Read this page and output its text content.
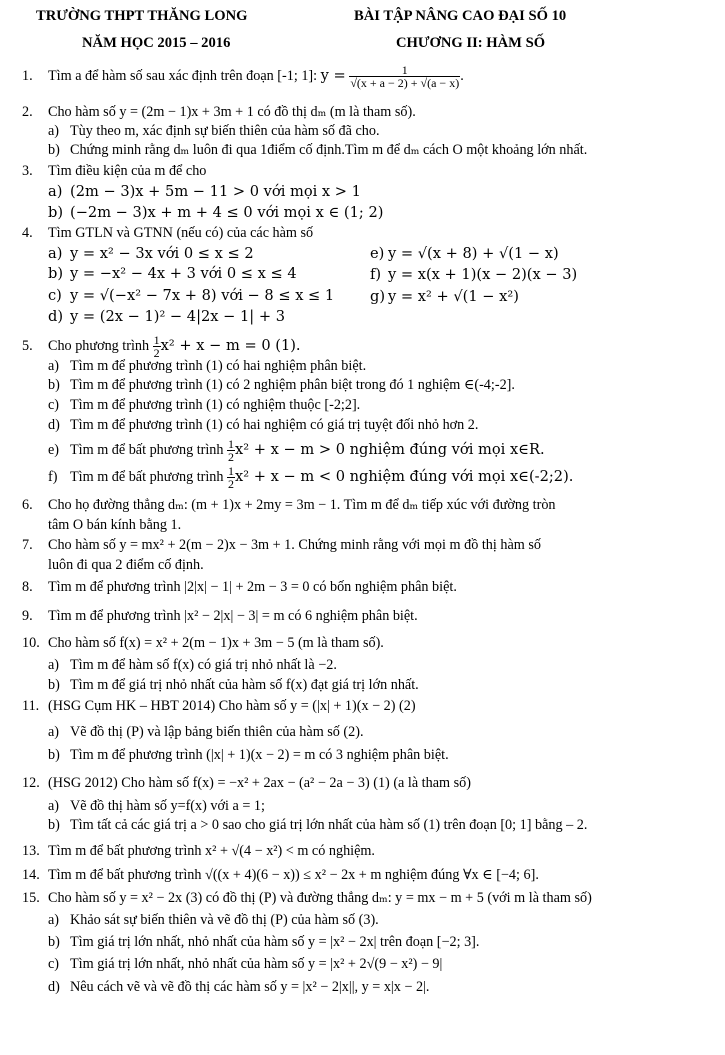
TRƯỜNG THPT THĂNG LONG
NĂM HỌC 2015 – 2016
BÀI TẬP NÂNG CAO ĐẠI SỐ 10
CHƯƠNG II: HÀM SỐ
1. Tìm a để hàm số sau xác định trên đoạn [-1; 1]: $y = \frac{1}{√(x + a - 2) + √(a - x)}$ .
2. Cho hàm số y = (2m − 1)x + 3m + 1 có đồ thị dₘ (m là tham số).
a) Tùy theo m, xác định sự biến thiên của hàm số đã cho.
b) Chứng minh rằng dₘ luôn đi qua 1điểm cố định.Tìm m để dₘ cách O một khoảng lớn nhất.
3. Tìm điều kiện của m để cho
a) (2m − 3)x + 5m − 11 > 0 với mọi x > 1
b) (−2m − 3)x + m + 4 ≤ 0 với mọi x ∈ (1; 2)
4. Tìm GTLN và GTNN (nếu có) của các hàm số
a) y = x² − 3x với 0 ≤ x ≤ 2
b) y = −x² − 4x + 3 với 0 ≤ x ≤ 4
c) y = √(−x² − 7x + 8) với − 8 ≤ x ≤ 1
d) y = (2x − 1)² − 4|2x − 1| + 3
e) y = √(x + 8) + √(1 − x)
f) y = x(x + 1)(x − 2)(x − 3)
g) y = x² + √(1 − x²)
5. Cho phương trình $\frac{1}{2} x^2 + x - m = 0$ (1).
a) Tìm m để phương trình (1) có hai nghiệm phân biệt.
b) Tìm m để phương trình (1) có 2 nghiệm phân biệt trong đó 1 nghiệm ∈(-4;-2].
c) Tìm m để phương trình (1) có nghiệm thuộc [-2;2].
d) Tìm m để phương trình (1) có hai nghiệm có giá trị tuyệt đối nhỏ hơn 2.
e) Tìm m để bất phương trình $\frac{1}{2} x^2 + x - m > 0$ nghiệm đúng với mọi x∈R.
f) Tìm m để bất phương trình $\frac{1}{2} x^2 + x - m < 0$ nghiệm đúng với mọi x∈(-2;2).
6. Cho họ đường thẳng dₘ: (m + 1)x + 2my = 3m − 1. Tìm m để dₘ tiếp xúc với đường tròn
tâm O bán kính bằng 1.
7. Cho hàm số y = mx² + 2(m − 2)x − 3m + 1. Chứng minh rằng với mọi m đồ thị hàm số
luôn đi qua 2 điểm cố định.
8. Tìm m để phương trình |2|x| − 1| + 2m − 3 = 0 có bốn nghiệm phân biệt.
9. Tìm m để phương trình |x² − 2|x| − 3| = m có 6 nghiệm phân biệt.
10. Cho hàm số f(x) = x² + 2(m − 1)x + 3m − 5 (m là tham số).
a) Tìm m để hàm số f(x) có giá trị nhỏ nhất là −2.
b) Tìm m để giá trị nhỏ nhất của hàm số f(x) đạt giá trị lớn nhất.
11. (HSG Cụm HK – HBT 2014) Cho hàm số y = (|x| + 1)(x − 2) (2)
a) Vẽ đồ thị (P) và lập bảng biến thiên của hàm số (2).
b) Tìm m để phương trình (|x| + 1)(x − 2) = m có 3 nghiệm phân biệt.
12. (HSG 2012) Cho hàm số f(x) = −x² + 2ax − (a² − 2a − 3) (1) (a là tham số)
a) Vẽ đồ thị hàm số y=f(x) với a = 1;
b) Tìm tất cả các giá trị a > 0 sao cho giá trị lớn nhất của hàm số (1) trên đoạn [0; 1] bằng – 2.
13. Tìm m để bất phương trình x² + √(4 − x²) < m có nghiệm.
14. Tìm m để bất phương trình √((x + 4)(6 − x)) ≤ x² − 2x + m nghiệm đúng ∀x ∈ [−4; 6].
15. Cho hàm số y = x² − 2x (3) có đồ thị (P) và đường thẳng dₘ: y = mx − m + 5 (với m là tham số)
a) Khảo sát sự biến thiên và vẽ đồ thị (P) của hàm số (3).
b) Tìm giá trị lớn nhất, nhỏ nhất của hàm số y = |x² − 2x| trên đoạn [−2; 3].
c) Tìm giá trị lớn nhất, nhỏ nhất của hàm số y = |x² + 2√(9 − x²) − 9|
d) Nêu cách vẽ và vẽ đồ thị các hàm số y = |x² − 2|x||, y = x|x − 2|.
